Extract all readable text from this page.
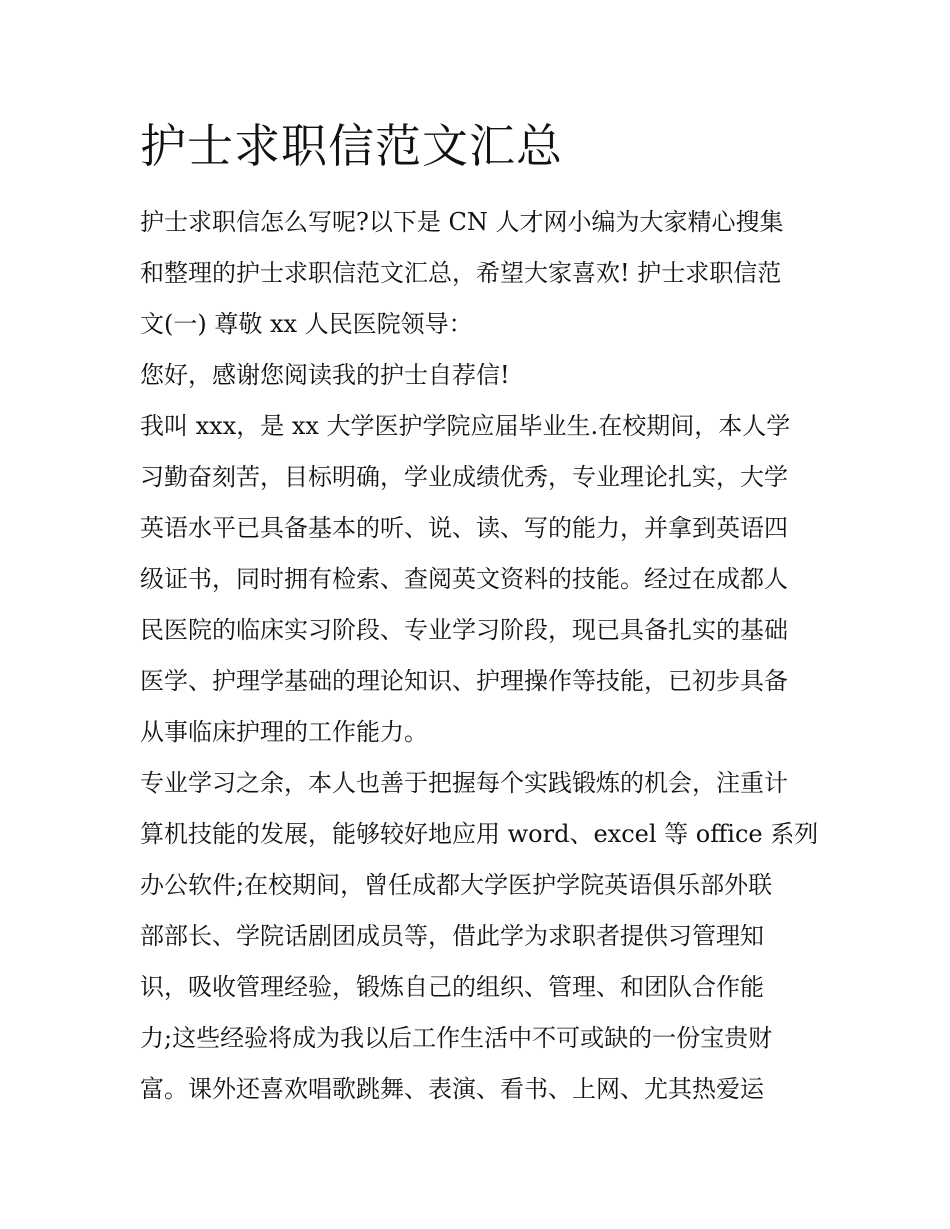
护士求职信范文汇总

护士求职信怎么写呢?以下是 CN 人才网小编为大家精心搜集

和整理的护士求职信范文汇总，希望大家喜欢! 护士求职信范

文(一) 尊敬 xx 人民医院领导：

您好，感谢您阅读我的护士自荐信!

我叫 xxx，是 xx 大学医护学院应届毕业生.在校期间，本人学

习勤奋刻苦，目标明确，学业成绩优秀，专业理论扎实，大学

英语水平已具备基本的听、说、读、写的能力，并拿到英语四

级证书，同时拥有检索、查阅英文资料的技能。经过在成都人

民医院的临床实习阶段、专业学习阶段，现已具备扎实的基础

医学、护理学基础的理论知识、护理操作等技能，已初步具备

从事临床护理的工作能力。

专业学习之余，本人也善于把握每个实践锻炼的机会，注重计

算机技能的发展，能够较好地应用 word、excel 等 office 系列

办公软件;在校期间，曾任成都大学医护学院英语俱乐部外联

部部长、学院话剧团成员等，借此学为求职者提供习管理知

识，吸收管理经验，锻炼自己的组织、管理、和团队合作能

力;这些经验将成为我以后工作生活中不可或缺的一份宝贵财

富。课外还喜欢唱歌跳舞、表演、看书、上网、尤其热爱运
